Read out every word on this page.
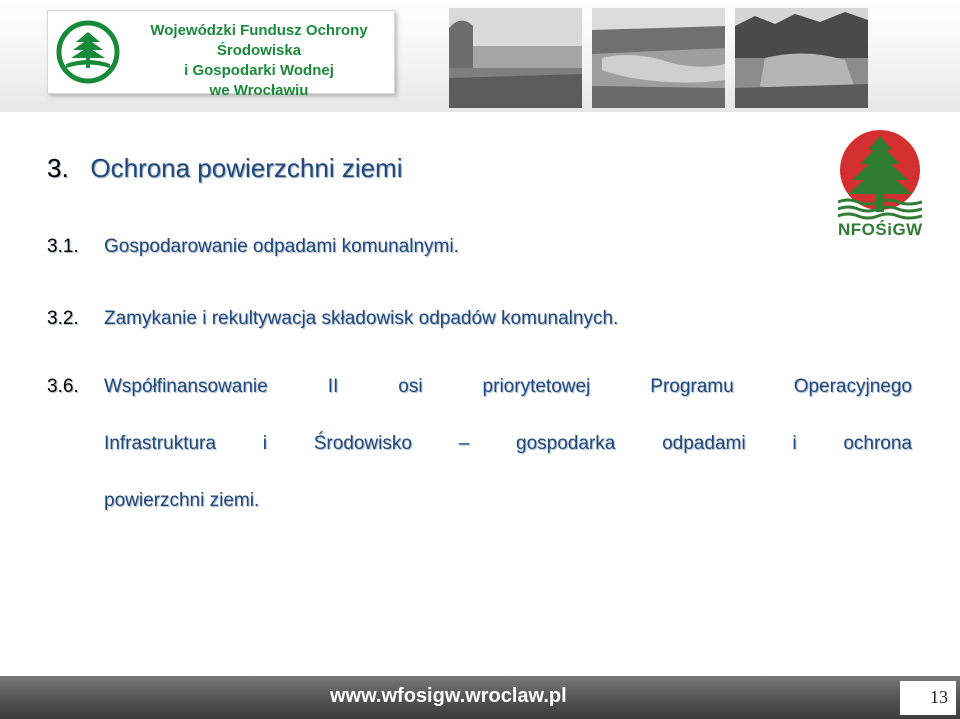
Wojewódzki Fundusz Ochrony Środowiska
i Gospodarki Wodnej
we Wrocławiu
NFOŚiGW
3. Ochrona powierzchni ziemi
3.1. Gospodarowanie odpadami komunalnymi.
3.2. Zamykanie i rekultywacja składowisk odpadów komunalnych.
3.6.	Współfinansowanie II osi priorytetowej Programu Operacyjnego
Infrastruktura i Środowisko – gospodarka odpadami i ochrona
powierzchni ziemi.
www.wfosigw.wroclaw.pl	13
